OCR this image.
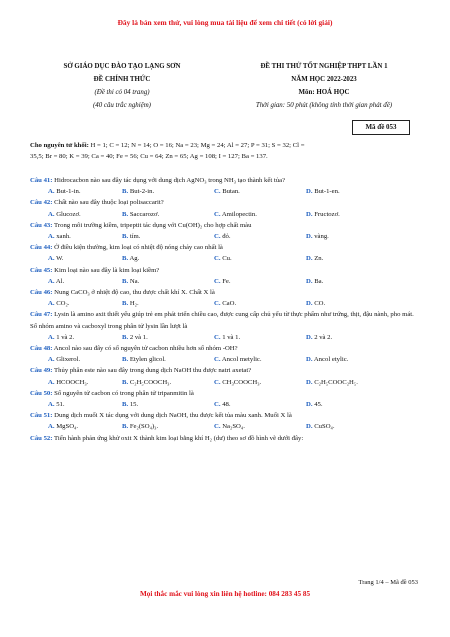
Đây là bản xem thử, vui lòng mua tài liệu để xem chi tiết (có lời giải)
SỞ GIÁO DỤC ĐÀO TẠO LẠNG SƠN
ĐỀ CHÍNH THỨC
(Đề thi có 04 trang)
(40 câu trắc nghiệm)
ĐỀ THI THỬ TỐT NGHIỆP THPT LẦN 1
NĂM HỌC 2022-2023
Môn: HOÁ HỌC
Thời gian: 50 phút (không tính thời gian phát đề)
Mã đề 053
Cho nguyên tử khối: H = 1; C = 12; N = 14; O = 16; Na = 23; Mg = 24; Al = 27; P = 31; S = 32; Cl =
35,5; Br = 80; K = 39; Ca = 40; Fe = 56; Cu = 64; Zn = 65; Ag = 108; I = 127; Ba = 137.
Câu 41: Hidrocacbon nào sau đây tác dụng với dung dịch AgNO₃ trong NH₃ tạo thành kết tủa?
A. But-1-in.	B. But-2-in.	C. Butan.	D. But-1-en.
Câu 42: Chất nào sau đây thuộc loại polisaccarit?
A. Glucozơ.	B. Saccarozơ.	C. Amilopectin.	D. Fructozơ.
Câu 43: Trong môi trường kiềm, tripeptit tác dụng với Cu(OH)₂ cho hợp chất màu
A. xanh.	B. tím.	C. đỏ.	D. vàng.
Câu 44: Ở điều kiện thường, kim loại có nhiệt độ nóng chảy cao nhất là
A. W.	B. Ag.	C. Cu.	D. Zn.
Câu 45: Kim loại nào sau đây là kim loại kiềm?
A. Al.	B. Na.	C. Fe.	D. Ba.
Câu 46: Nung CaCO₃ ở nhiệt độ cao, thu được chất khí X. Chất X là
A. CO₂.	B. H₂.	C. CaO.	D. CO.
Câu 47: Lysin là amino axit thiết yếu giúp trẻ em phát triển chiều cao, được cung cấp chủ yếu từ thực phẩm như trứng, thịt, đậu nành, pho mát. Số nhóm amino và cacboxyl trong phân tử lysin lần lượt là
A. 1 và 2.	B. 2 và 1.	C. 1 và 1.	D. 2 và 2.
Câu 48: Ancol nào sau đây có số nguyên tử cacbon nhiều hơn số nhóm -OH?
A. Glixerol.	B. Etylen glicol.	C. Ancol metylic.	D. Ancol etylic.
Câu 49: Thủy phân este nào sau đây trong dung dịch NaOH thu được natri axetat?
A. HCOOCH₃.	B. C₂H₅COOCH₃.	C. CH₃COOCH₃.	D. C₂H₅COOC₂H₅.
Câu 50: Số nguyên tử cacbon có trong phân tử tripanmitin là
A. 51.	B. 15.	C. 48.	D. 45.
Câu 51: Dung dịch muối X tác dụng với dung dịch NaOH, thu được kết tủa màu xanh. Muối X là
A. MgSO₄.	B. Fe₂(SO₄)₃.	C. Na₂SO₄.	D. CuSO₄.
Câu 52: Tiến hành phản ứng khử oxit X thành kim loại bằng khí H₂ (dư) theo sơ đồ hình vẽ dưới đây:
Trang 1/4 – Mã đề 053
Mọi thắc mắc vui lòng xin liên hệ hotline: 084 283 45 85
